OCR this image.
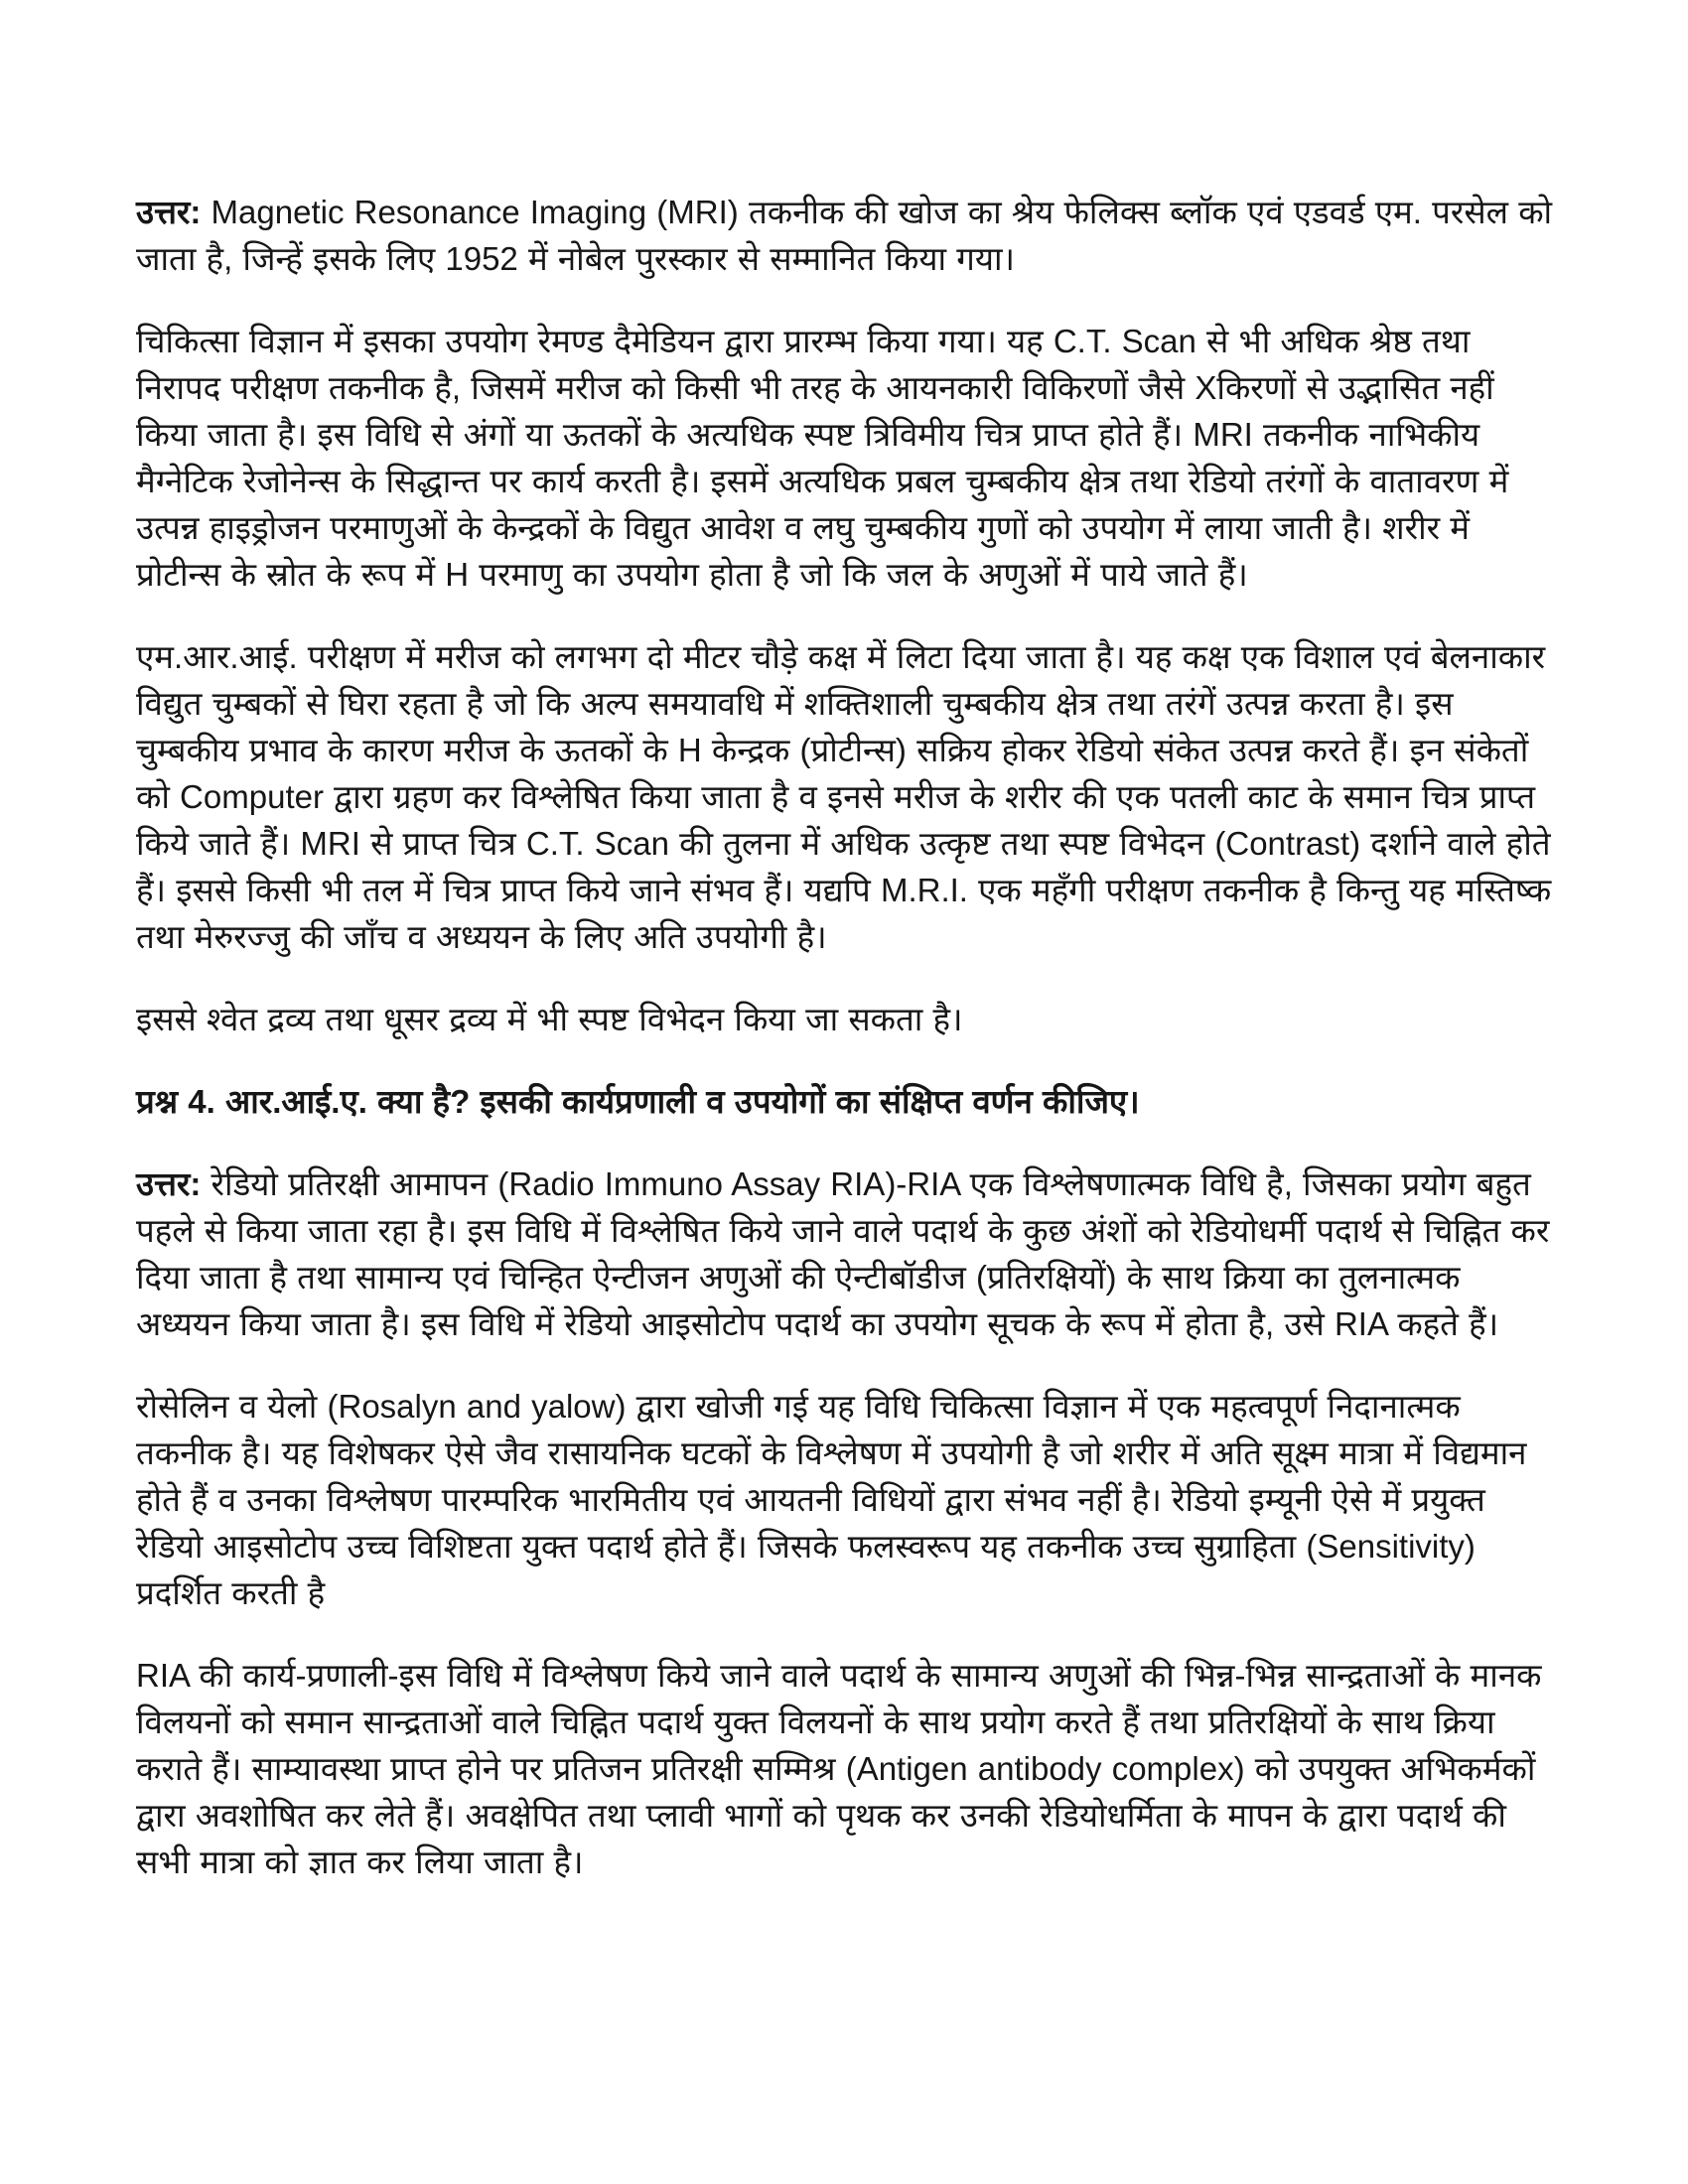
उत्तर: Magnetic Resonance Imaging (MRI) तकनीक की खोज का श्रेय फेलिक्स ब्लॉक एवं एडवर्ड एम. परसेल को जाता है, जिन्हें इसके लिए 1952 में नोबेल पुरस्कार से सम्मानित किया गया।

चिकित्सा विज्ञान में इसका उपयोग रेमण्ड दैमेडियन द्वारा प्रारम्भ किया गया। यह C.T. Scan से भी अधिक श्रेष्ठ तथा निरापद परीक्षण तकनीक है, जिसमें मरीज को किसी भी तरह के आयनकारी विकिरणों जैसे Xकिरणों से उद्भासित नहीं किया जाता है। इस विधि से अंगों या ऊतकों के अत्यधिक स्पष्ट त्रिविमीय चित्र प्राप्त होते हैं। MRI तकनीक नाभिकीय मैग्नेटिक रेजोनेन्स के सिद्धान्त पर कार्य करती है। इसमें अत्यधिक प्रबल चुम्बकीय क्षेत्र तथा रेडियो तरंगों के वातावरण में उत्पन्न हाइड्रोजन परमाणुओं के केन्द्रकों के विद्युत आवेश व लघु चुम्बकीय गुणों को उपयोग में लाया जाती है। शरीर में प्रोटीन्स के स्रोत के रूप में H परमाणु का उपयोग होता है जो कि जल के अणुओं में पाये जाते हैं।

एम.आर.आई. परीक्षण में मरीज को लगभग दो मीटर चौड़े कक्ष में लिटा दिया जाता है। यह कक्ष एक विशाल एवं बेलनाकार विद्युत चुम्बकों से घिरा रहता है जो कि अल्प समयावधि में शक्तिशाली चुम्बकीय क्षेत्र तथा तरंगें उत्पन्न करता है। इस चुम्बकीय प्रभाव के कारण मरीज के ऊतकों के H केन्द्रक (प्रोटीन्स) सक्रिय होकर रेडियो संकेत उत्पन्न करते हैं। इन संकेतों को Computer द्वारा ग्रहण कर विश्लेषित किया जाता है व इनसे मरीज के शरीर की एक पतली काट के समान चित्र प्राप्त किये जाते हैं। MRI से प्राप्त चित्र C.T. Scan की तुलना में अधिक उत्कृष्ट तथा स्पष्ट विभेदन (Contrast) दर्शाने वाले होते हैं। इससे किसी भी तल में चित्र प्राप्त किये जाने संभव हैं। यद्यपि M.R.I. एक महँगी परीक्षण तकनीक है किन्तु यह मस्तिष्क तथा मेरुरज्जु की जाँच व अध्ययन के लिए अति उपयोगी है।

इससे श्वेत द्रव्य तथा धूसर द्रव्य में भी स्पष्ट विभेदन किया जा सकता है।

प्रश्न 4. आर.आई.ए. क्या है? इसकी कार्यप्रणाली व उपयोगों का संक्षिप्त वर्णन कीजिए।

उत्तर: रेडियो प्रतिरक्षी आमापन (Radio Immuno Assay RIA)-RIA एक विश्लेषणात्मक विधि है, जिसका प्रयोग बहुत पहले से किया जाता रहा है। इस विधि में विश्लेषित किये जाने वाले पदार्थ के कुछ अंशों को रेडियोधर्मी पदार्थ से चिह्नित कर दिया जाता है तथा सामान्य एवं चिन्हित ऐन्टीजन अणुओं की ऐन्टीबॉडीज (प्रतिरक्षियों) के साथ क्रिया का तुलनात्मक अध्ययन किया जाता है। इस विधि में रेडियो आइसोटोप पदार्थ का उपयोग सूचक के रूप में होता है, उसे RIA कहते हैं।

रोसेलिन व येलो (Rosalyn and yalow) द्वारा खोजी गई यह विधि चिकित्सा विज्ञान में एक महत्वपूर्ण निदानात्मक तकनीक है। यह विशेषकर ऐसे जैव रासायनिक घटकों के विश्लेषण में उपयोगी है जो शरीर में अति सूक्ष्म मात्रा में विद्यमान होते हैं व उनका विश्लेषण पारम्परिक भारमितीय एवं आयतनी विधियों द्वारा संभव नहीं है। रेडियो इम्यूनी ऐसे में प्रयुक्त रेडियो आइसोटोप उच्च विशिष्टता युक्त पदार्थ होते हैं। जिसके फलस्वरूप यह तकनीक उच्च सुग्राहिता (Sensitivity) प्रदर्शित करती है

RIA की कार्य-प्रणाली-इस विधि में विश्लेषण किये जाने वाले पदार्थ के सामान्य अणुओं की भिन्न-भिन्न सान्द्रताओं के मानक विलयनों को समान सान्द्रताओं वाले चिह्नित पदार्थ युक्त विलयनों के साथ प्रयोग करते हैं तथा प्रतिरक्षियों के साथ क्रिया कराते हैं। साम्यावस्था प्राप्त होने पर प्रतिजन प्रतिरक्षी सम्मिश्र (Antigen antibody complex) को उपयुक्त अभिकर्मकों द्वारा अवशोषित कर लेते हैं। अवक्षेपित तथा प्लावी भागों को पृथक कर उनकी रेडियोधर्मिता के मापन के द्वारा पदार्थ की सभी मात्रा को ज्ञात कर लिया जाता है।
